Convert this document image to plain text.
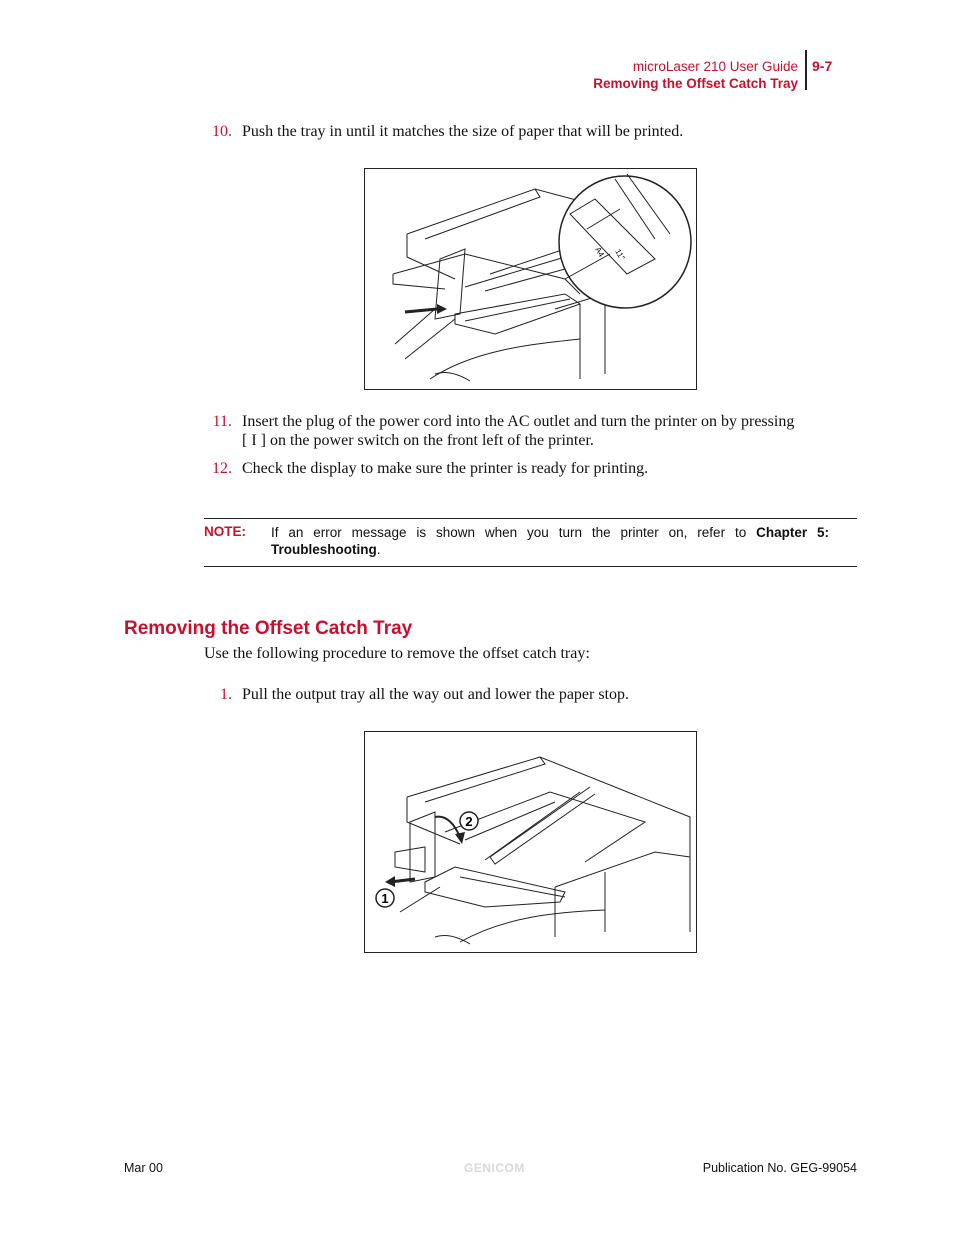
microLaser 210 User Guide
Removing the Offset Catch Tray
9-7
10. Push the tray in until it matches the size of paper that will be printed.
A4 11"
11. Insert the plug of the power cord into the AC outlet and turn the printer on by pressing
[ I ] on the power switch on the front left of the printer.
12. Check the display to make sure the printer is ready for printing.
NOTE: If an error message is shown when you turn the printer on, refer to Chapter 5: Troubleshooting.
Removing the Offset Catch Tray
Use the following procedure to remove the offset catch tray:
1. Pull the output tray all the way out and lower the paper stop.
1
2
Mar 00	GENICOM	Publication No. GEG-99054
